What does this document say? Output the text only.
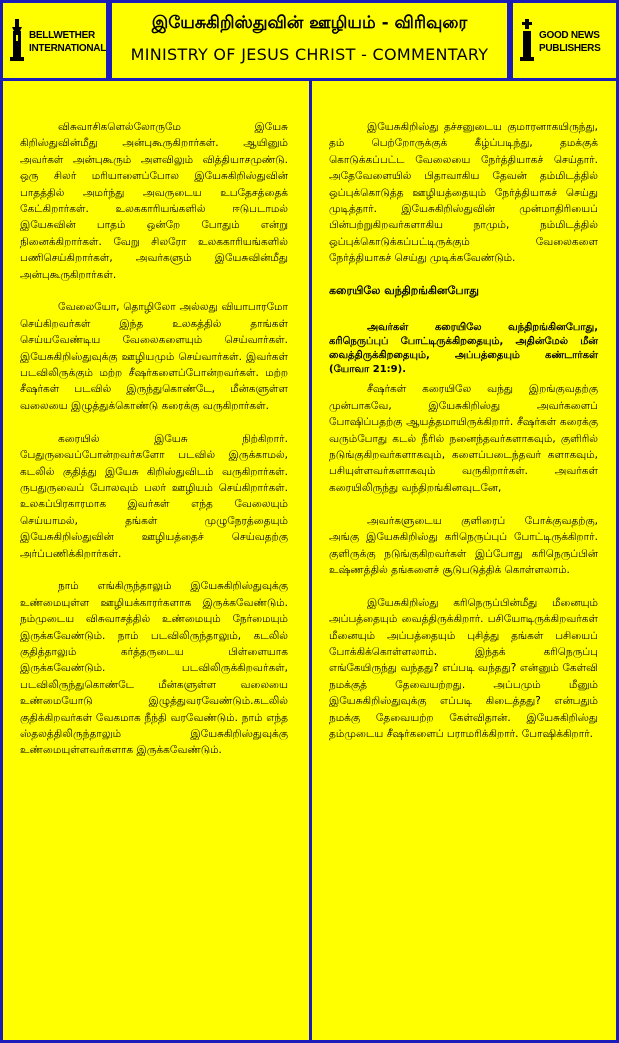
BELLWETHER
INTERNATIONAL
இயேசுகிறிஸ்துவின் ஊழியம் - விரிவுரை
MINISTRY OF JESUS CHRIST - COMMENTARY
GOOD NEWS
PUBLISHERS

விசுவாசிகளெல்லோருமே இயேசு கிறிஸ்துவின்மீது அன்புகூருகிறார்கள். ஆயினும் அவர்கள் அன்புகூரும் அளவிலும் வித்தியாசமுண்டு. ஒரு சிலர் மரியாளைப்போல இயேசுகிறிஸ்துவின் பாதத்தில் அமர்ந்து அவருடைய உபதேசத்தைக் கேட்கிறார்கள். உலககாரியங்களில் ஈடுபடாமல் இயேசுவின் பாதம் ஒன்றே போதும் என்று நினைக்கிறார்கள். வேறு சிலரோ உலககாரியங்களில் பணிசெய்கிறார்கள், அவர்களும் இயேசுவின்மீது அன்புகூருகிறார்கள்.

வேலையோ, தொழிலோ அல்லது வியாபாரமோ செய்கிறவர்கள் இந்த உலகத்தில் தாங்கள் செய்யவேண்டிய வேலைகளையும் செய்வார்கள். இயேசுகிறிஸ்துவுக்கு ஊழியமும் செய்வார்கள். இவர்கள் படவிலிருக்கும் மற்ற சீஷர்களைப்போன்றவர்கள். மற்ற சீஷர்கள் படவில் இருந்துகொண்டே, மீன்களுள்ள வலையை இழுத்துக்கொண்டு கரைக்கு வருகிறார்கள்.

கரையில் இயேசு நிற்கிறார். பேதுருவைப்போன்றவர்களோ படவில் இருக்காமல், கடலில் குதித்து இயேசு கிறிஸ்துவிடம் வருகிறார்கள். ருபதுருவைப் போலவும் பலர் ஊழியம் செய்கிறார்கள். உலகப்பிரகாரமாக இவர்கள் எந்த வேலையும் செய்யாமல், தங்கள் முழுநேரத்தையும் இயேசுகிறிஸ்துவின் ஊழியத்தைச் செய்வதற்கு அர்ப்பணிக்கிறார்கள்.

நாம் எங்கிருந்தாலும் இயேசுகிறிஸ்துவுக்கு உண்மையுள்ள ஊழியக்காரர்களாக இருக்கவேண்டும். நம்முடைய விசுவாசத்தில் உண்மையும் நேர்மையும் இருக்கவேண்டும். நாம் படவிலிருந்தாலும், கடலில் குதித்தாலும் கர்த்தருடைய பிள்ளையாக இருக்கவேண்டும். படவிலிருக்கிறவர்கள், படவிலிருந்துகொண்டே மீன்களுள்ள வலையை உண்மையோடு இழுத்துவரவேண்டும்.கடலில் குதிக்கிறவர்கள் வேகமாக நீந்தி வரவேண்டும். நாம் எந்த ஸ்தலத்திலிருந்தாலும் இயேசுகிறிஸ்துவுக்கு உண்மையுள்ளவர்களாக இருக்கவேண்டும்.

இயேசுகிறிஸ்து தச்சனுடைய குமாரனாகயிருந்து, தம் பெற்றோருக்குக் கீழ்ப்படிந்து, தமக்குக் கொடுக்கப்பட்ட வேலையை நேர்த்தியாகச் செய்தார். அதேவேளையில் பிதாவாகிய தேவன் தம்மிடத்தில் ஒப்புக்கொடுத்த ஊழியத்தையும் நேர்த்தியாகச் செய்து முடித்தார். இயேசுகிறிஸ்துவின் முன்மாதிரியைப் பின்பற்றுகிறவர்களாகிய நாமும், நம்மிடத்தில் ஒப்புக்கொடுக்கப்பட்டிருக்கும் வேலைகளை நேர்த்தியாகச் செய்து முடிக்கவேண்டும்.

கரையிலே வந்திறங்கினபோது

அவர்கள் கரையிலே வந்திறங்கினபோது, கரிநெருப்புப் போட்டிருக்கிறதையும், அதின்மேல் மீன் வைத்திருக்கிறதையும், அப்பத்தையும் கண்டார்கள் (யோவா 21:9).

சீஷர்கள் கரையிலே வந்து இறங்குவதற்கு முன்பாகவே, இயேசுகிறிஸ்து அவர்களைப் போஷிப்பதற்கு ஆயத்தமாயிருக்கிறார். சீஷர்கள் கரைக்கு வரும்போது கடல் நீரில் நனைந்தவர்களாகவும், குளிரில் நடுங்குகிறவர்களாகவும், களைப்படைந்தவர் களாகவும், பசியுள்ளவர்களாகவும் வருகிறார்கள். அவர்கள் கரையிலிருந்து வந்திறங்கினவுடனே,

அவர்களுடைய குளிரைப் போக்குவதற்கு, அங்கு இயேசுகிறிஸ்து கரிநெருப்புப் போட்டிருக்கிறார். குளிருக்கு நடுங்குகிறவர்கள் இப்போது கரிநெருப்பின் உஷ்ணத்தில் தங்களைச் சூடுபடுத்திக் கொள்ளலாம்.

இயேசுகிறிஸ்து கரிநெருப்பின்மீது மீனையும் அப்பத்தையும் வைத்திருக்கிறார். பசியோடிருக்கிறவர்கள் மீனையும் அப்பத்தையும் புசித்து தங்கள் பசியைப் போக்கிக்கொள்ளலாம். இந்தக் கரிநெருப்பு எங்கேயிருந்து வந்தது? எப்படி வந்தது? என்னும் கேள்வி நமக்குத் தேவையற்றது. அப்பமும் மீனும் இயேசுகிறிஸ்துவுக்கு எப்படி கிடைத்தது? என்பதும் நமக்கு தேவையற்ற கேள்விதான். இயேசுகிறிஸ்து தம்முடைய சீஷர்களைப் பராமரிக்கிறார். போஷிக்கிறார்.
